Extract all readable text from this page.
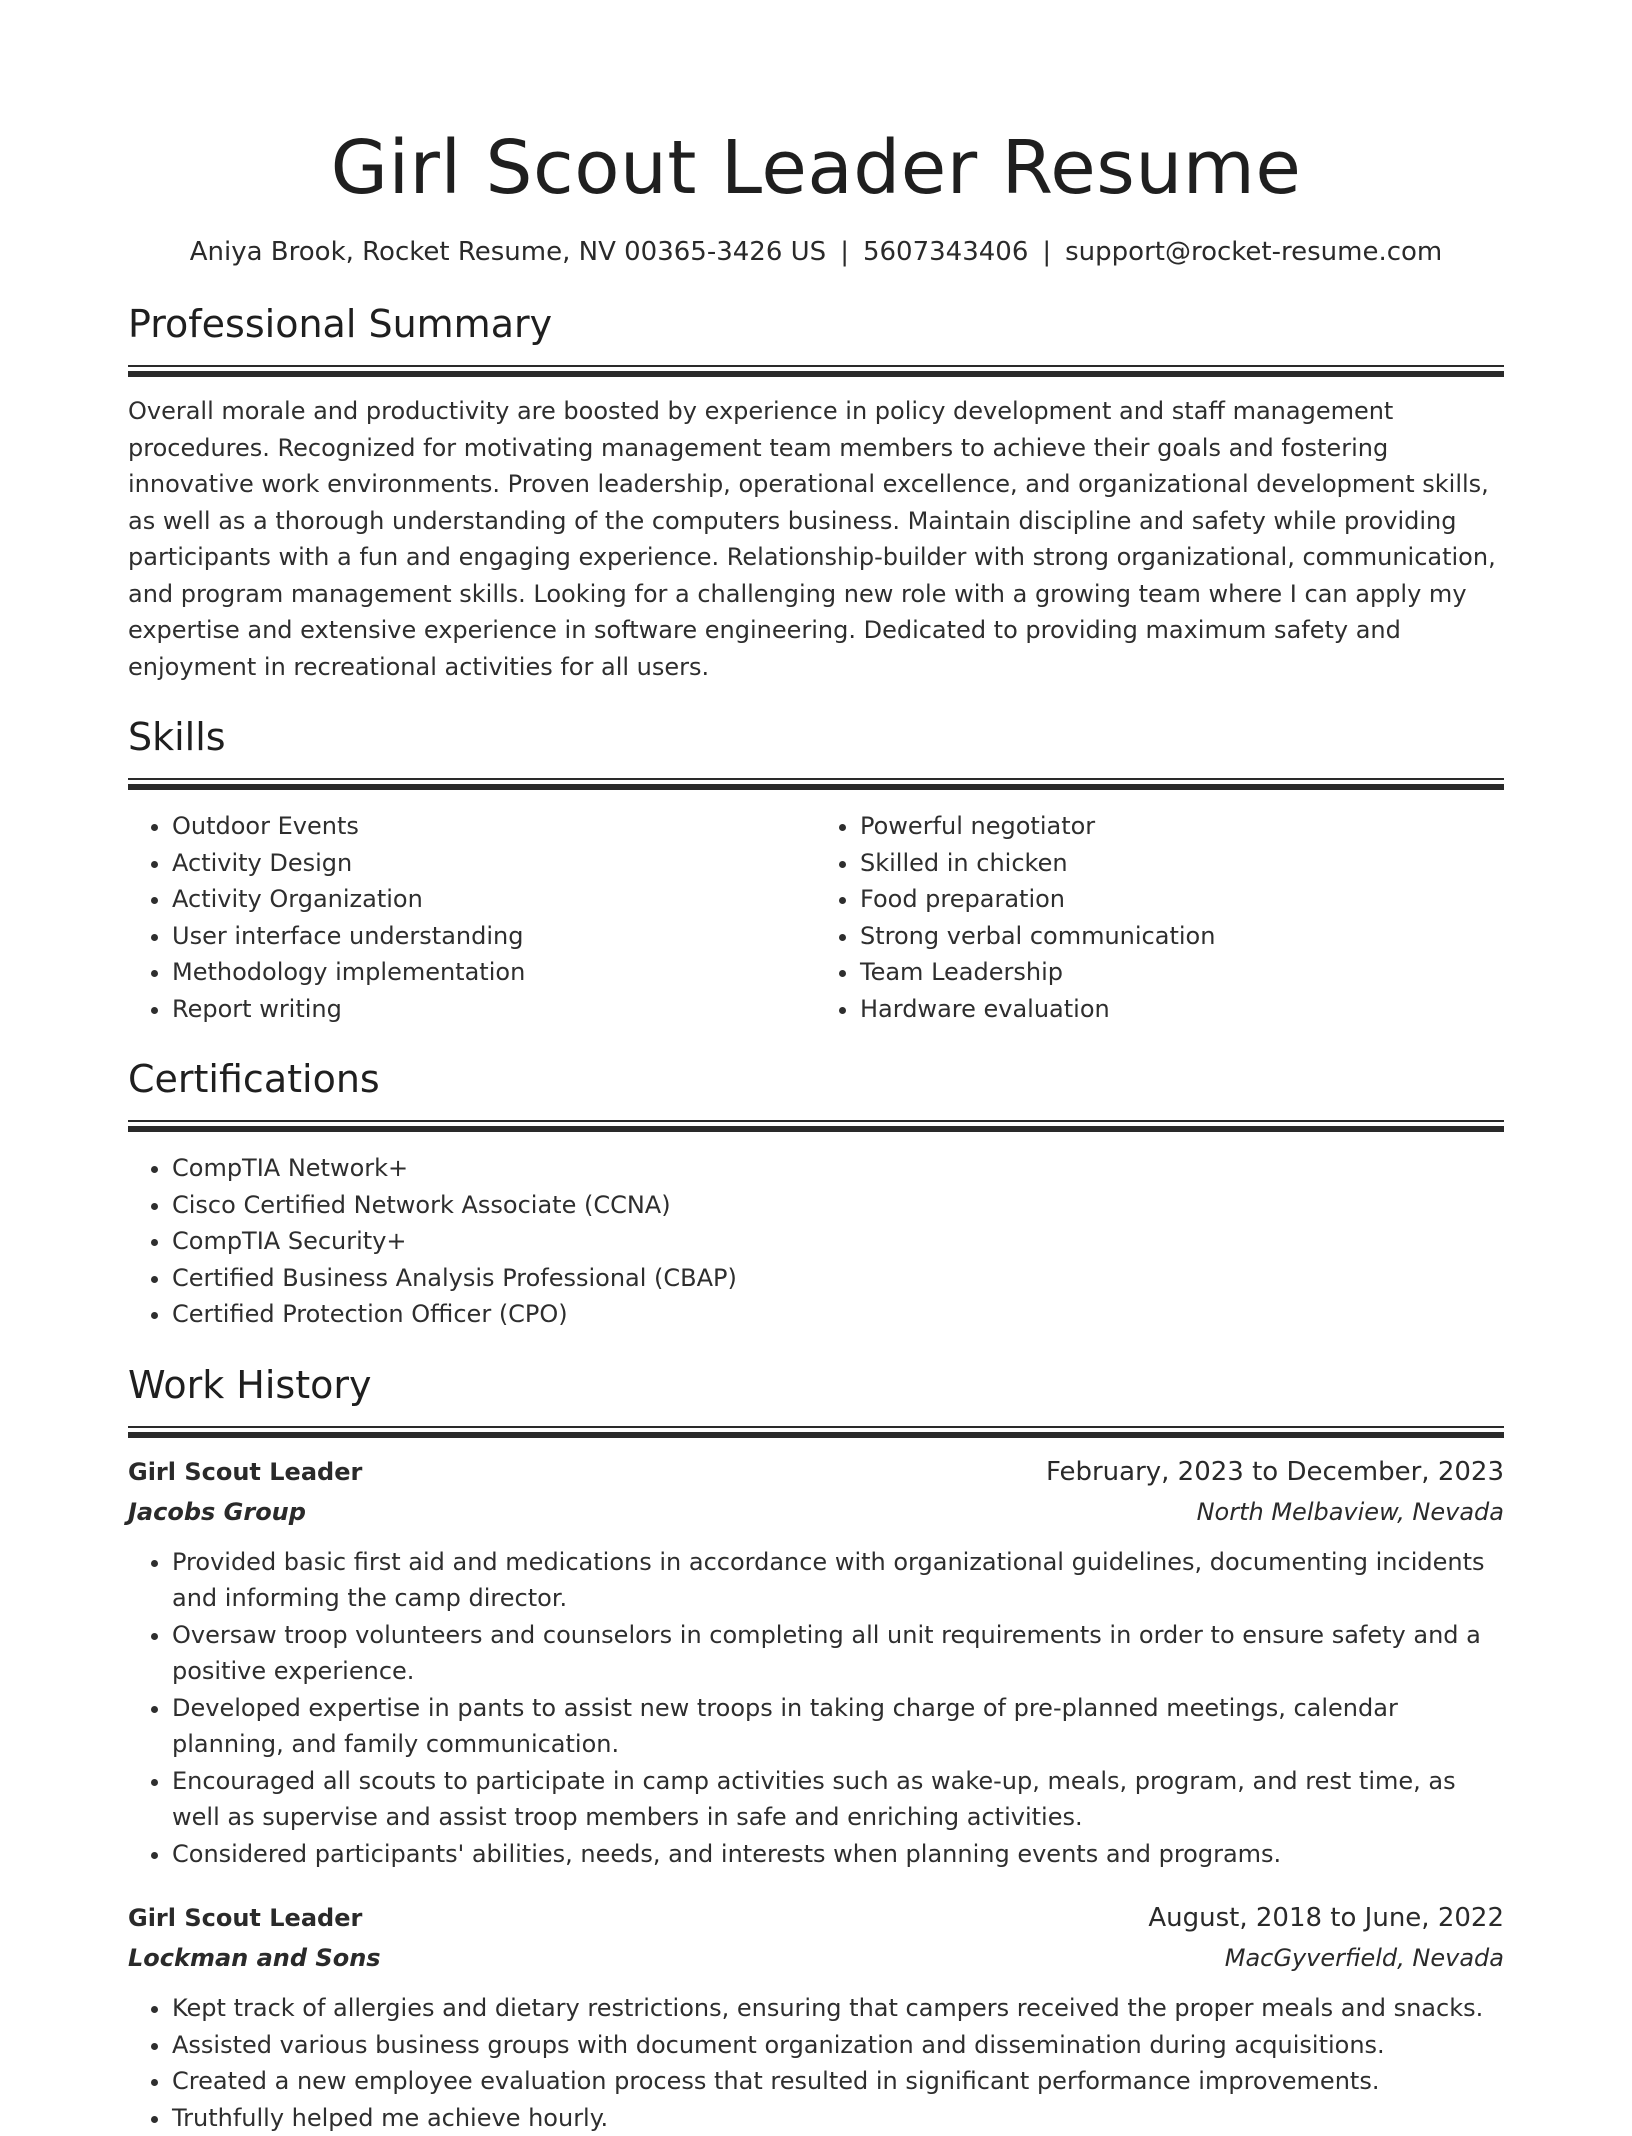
Girl Scout Leader Resume
Aniya Brook, Rocket Resume, NV 00365-3426 US | 5607343406 | support@rocket-resume.com
Professional Summary

Overall morale and productivity are boosted by experience in policy development and staff management procedures. Recognized for motivating management team members to achieve their goals and fostering innovative work environments. Proven leadership, operational excellence, and organizational development skills, as well as a thorough understanding of the computers business. Maintain discipline and safety while providing participants with a fun and engaging experience. Relationship-builder with strong organizational, communication, and program management skills. Looking for a challenging new role with a growing team where I can apply my expertise and extensive experience in software engineering. Dedicated to providing maximum safety and enjoyment in recreational activities for all users.

Skills
• Outdoor Events
• Activity Design
• Activity Organization
• User interface understanding
• Methodology implementation
• Report writing
• Powerful negotiator
• Skilled in chicken
• Food preparation
• Strong verbal communication
• Team Leadership
• Hardware evaluation
Certifications
• CompTIA Network+
• Cisco Certified Network Associate (CCNA)
• CompTIA Security+
• Certified Business Analysis Professional (CBAP)
• Certified Protection Officer (CPO)
Work History
Girl Scout Leader	February, 2023 to December, 2023
Jacobs Group	North Melbaview, Nevada
• Provided basic first aid and medications in accordance with organizational guidelines, documenting incidents and informing the camp director.
• Oversaw troop volunteers and counselors in completing all unit requirements in order to ensure safety and a positive experience.
• Developed expertise in pants to assist new troops in taking charge of pre-planned meetings, calendar planning, and family communication.
• Encouraged all scouts to participate in camp activities such as wake-up, meals, program, and rest time, as well as supervise and assist troop members in safe and enriching activities.
• Considered participants' abilities, needs, and interests when planning events and programs.
Girl Scout Leader	August, 2018 to June, 2022
Lockman and Sons	MacGyverfield, Nevada
• Kept track of allergies and dietary restrictions, ensuring that campers received the proper meals and snacks.
• Assisted various business groups with document organization and dissemination during acquisitions.
• Created a new employee evaluation process that resulted in significant performance improvements.
• Truthfully helped me achieve hourly.
